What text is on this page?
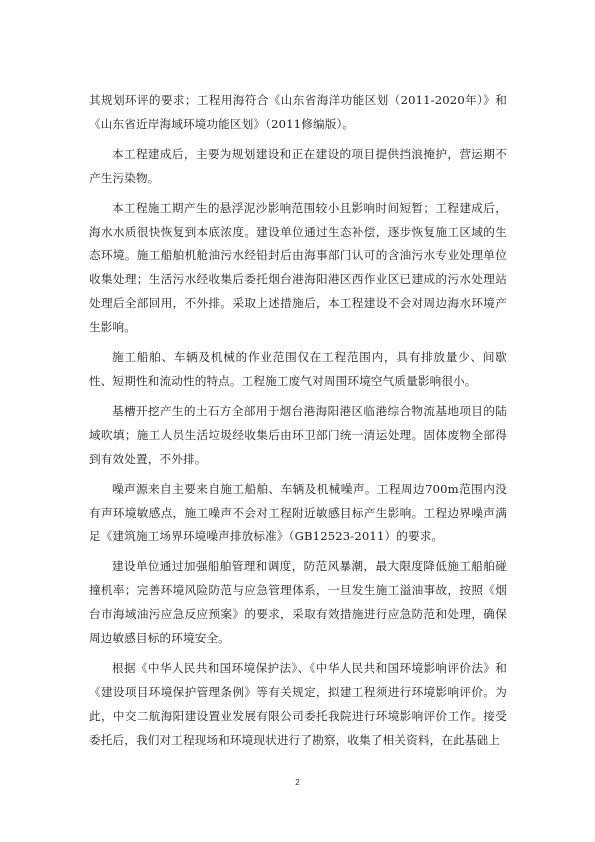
其规划环评的要求；工程用海符合《山东省海洋功能区划（2011-2020年）》和《山东省近岸海域环境功能区划》（2011修编版）。

本工程建成后，主要为规划建设和正在建设的项目提供挡浪掩护，营运期不产生污染物。

本工程施工期产生的悬浮泥沙影响范围较小且影响时间短暂；工程建成后，海水水质很快恢复到本底浓度。建设单位通过生态补偿，逐步恢复施工区域的生态环境。施工船舶机舱油污水经铅封后由海事部门认可的含油污水专业处理单位收集处理；生活污水经收集后委托烟台港海阳港区西作业区已建成的污水处理站处理后全部回用，不外排。采取上述措施后，本工程建设不会对周边海水环境产生影响。

施工船舶、车辆及机械的作业范围仅在工程范围内，具有排放量少、间歇性、短期性和流动性的特点。工程施工废气对周围环境空气质量影响很小。

基槽开挖产生的土石方全部用于烟台港海阳港区临港综合物流基地项目的陆域吹填；施工人员生活垃圾经收集后由环卫部门统一清运处理。固体废物全部得到有效处置，不外排。

噪声源来自主要来自施工船舶、车辆及机械噪声。工程周边700m范围内没有声环境敏感点，施工噪声不会对工程附近敏感目标产生影响。工程边界噪声满足《建筑施工场界环境噪声排放标准》（GB12523-2011）的要求。

建设单位通过加强船舶管理和调度，防范风暴潮，最大限度降低施工船舶碰撞机率；完善环境风险防范与应急管理体系，一旦发生施工溢油事故，按照《烟台市海域油污应急反应预案》的要求，采取有效措施进行应急防范和处理，确保周边敏感目标的环境安全。

根据《中华人民共和国环境保护法》、《中华人民共和国环境影响评价法》和《建设项目环境保护管理条例》等有关规定，拟建工程须进行环境影响评价。为此，中交二航海阳建设置业发展有限公司委托我院进行环境影响评价工作。接受委托后，我们对工程现场和环境现状进行了勘察，收集了相关资料，在此基础上

2
